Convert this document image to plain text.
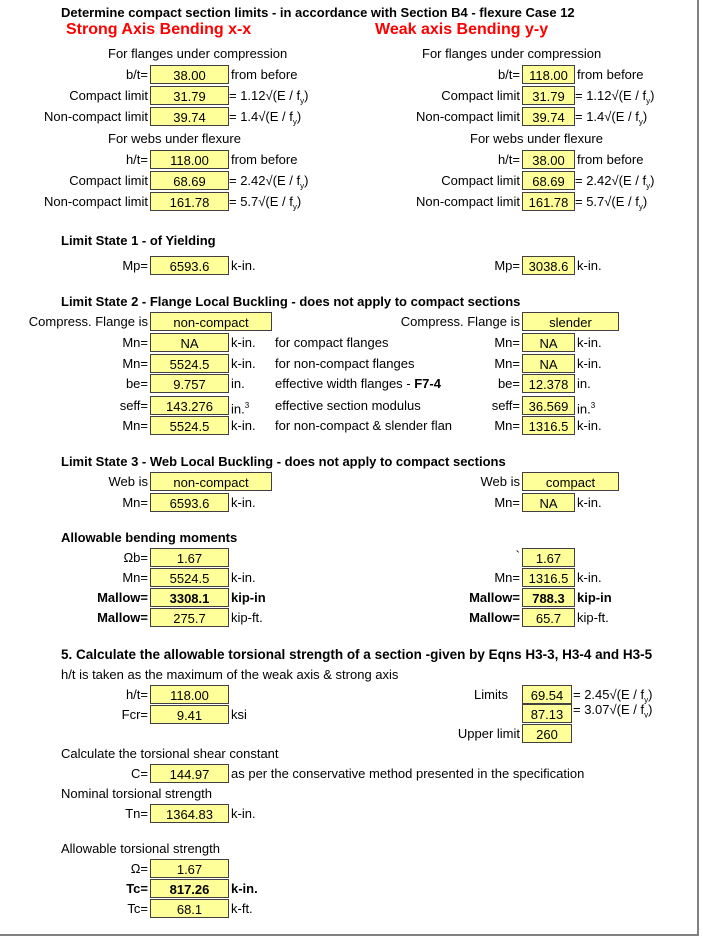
Determine compact section limits - in accordance with Section B4 - flexure Case 12
Strong Axis Bending x-x	Weak axis Bending y-y
For flanges under compression
b/t=	38.00	from before
Compact limit	31.79	= $1.12√(E / f_y)$
Non-compact limit	39.74	= $1.4√(E / f_y)$
For webs under flexure
h/t=	118.00	from before
Compact limit	68.69	= $2.42√(E / f_y)$
Non-compact limit	161.78	= $5.7√(E / f_y)$
For flanges under compression
b/t= 118.00 from before
Compact limit $31.79 = 1.12√(E / f_y)$
Non-compact limit $39.74 = 1.4√(E / f_y)$
For webs under flexure
h/t= 38.00 from before
Compact limit $68.69 = 2.42√(E / f_y)$
Non-compact limit $161.78 = 5.7√(E / f_y)$
Limit State 1 - of Yielding
Mp=	6593.6	k-in.	Mp= 3038.6 k-in.
Limit State 2 - Flange Local Buckling - does not apply to compact sections
Compress. Flange is	non-compact	Compress. Flange is	slender
Mn=	NA	k-in. for compact flanges	Mn=	NA	k-in.
Mn=	5524.5	k-in. for non-compact flanges	Mn=	NA	k-in.
be=	9.757	in. effective width flanges - F7-4	be= 12.378 in.
seff=	143.276	in.$^3$ effective section modulus	seff= 36.569 in.$^3$
Mn=	5524.5	k-in. for non-compact & slender flan	Mn= 1316.5 k-in.
Limit State 3 - Web Local Buckling - does not apply to compact sections
Web is	non-compact	Web is	compact
Mn=	6593.6	k-in.	Mn=	NA	k-in.
Allowable bending moments
Ωb=	1.67	`	1.67
Mn=	5524.5	k-in.	Mn= 1316.5 k-in.
Mallow=	3308.1	kip-in	Mallow= 788.3 kip-in
Mallow=	275.7	kip-ft.	Mallow=	65.7	kip-ft.
5. Calculate the allowable torsional strength of a section -given by Eqns H3-3, H3-4 and H3-5
h/t is taken as the maximum of the weak axis & strong axis
h/t=	118.00
Fcr=	9.41	ksi
Limits	$69.54 = 2.45√(E / f_y)$
$87.13 = 3.07√(E / f_v)$
Upper limit	260
Calculate the torsional shear constant
C=	144.97	as per the conservative method presented in the specification
Nominal torsional strength
Tn=	1364.83	k-in.
Allowable torsional strength
Ω=	1.67
Tc=	817.26	k-in.
Tc=	68.1	k-ft.
